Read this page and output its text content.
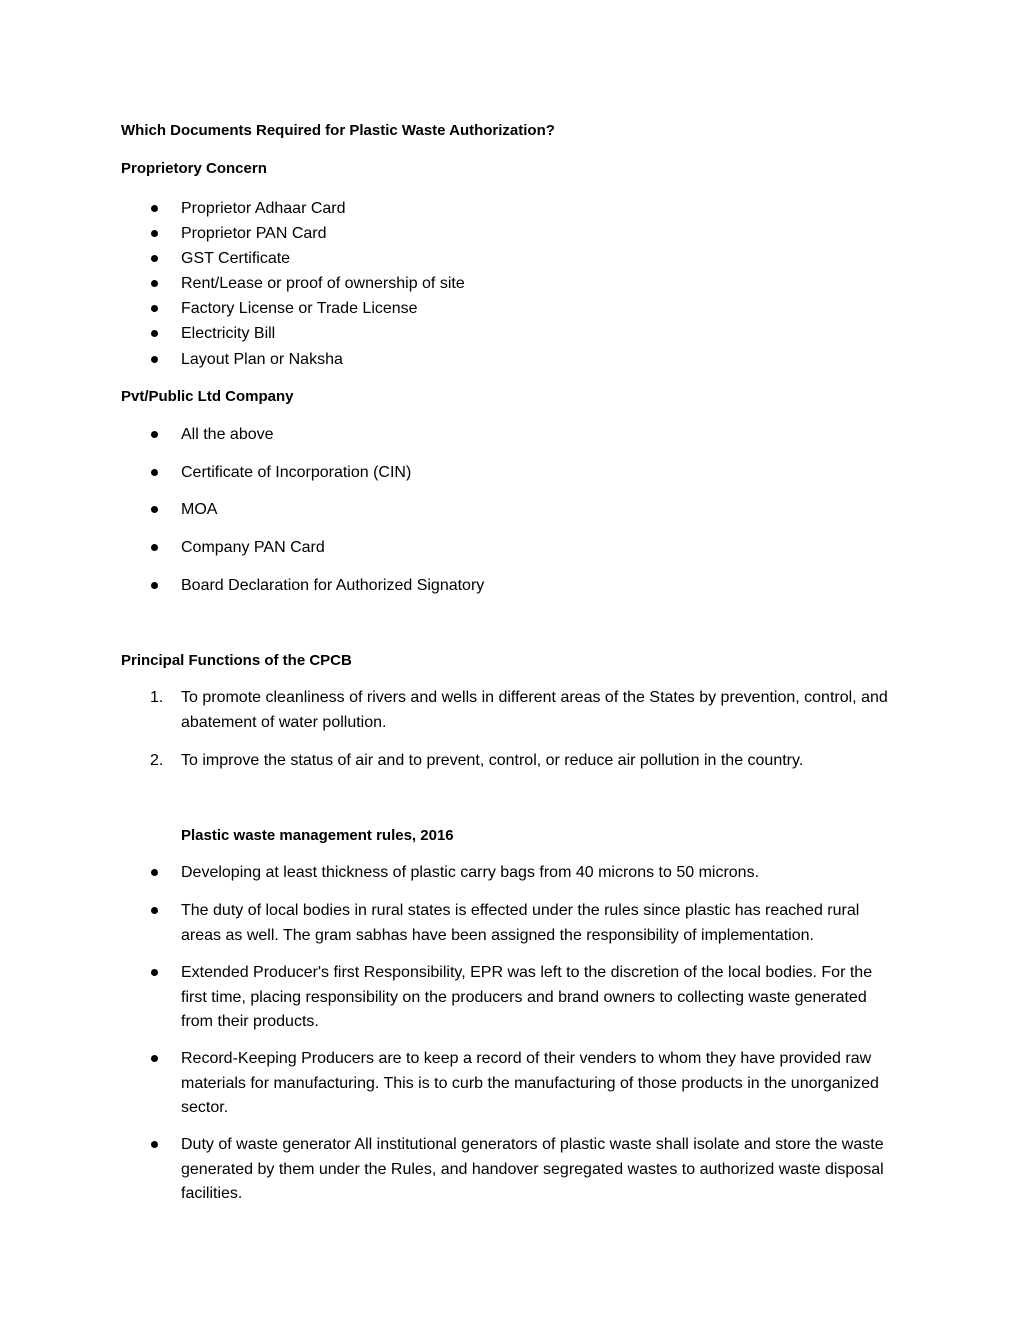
Which Documents Required for Plastic Waste Authorization?

Proprietory Concern

Proprietor Adhaar Card

Proprietor PAN Card

GST Certificate

Rent/Lease or proof of ownership of site

Factory License or Trade License

Electricity Bill

Layout Plan or Naksha

Pvt/Public Ltd Company

All the above

Certificate of Incorporation (CIN)

MOA

Company PAN Card

Board Declaration for Authorized Signatory

Principal Functions of the CPCB

1. To promote cleanliness of rivers and wells in different areas of the States by prevention, control, and abatement of water pollution.

2. To improve the status of air and to prevent, control, or reduce air pollution in the country.

Plastic waste management rules, 2016

Developing at least thickness of plastic carry bags from 40 microns to 50 microns.

The duty of local bodies in rural states is effected under the rules since plastic has reached rural areas as well. The gram sabhas have been assigned the responsibility of implementation.

Extended Producer's first Responsibility, EPR was left to the discretion of the local bodies. For the first time, placing responsibility on the producers and brand owners to collecting waste generated from their products.

Record-Keeping Producers are to keep a record of their venders to whom they have provided raw materials for manufacturing. This is to curb the manufacturing of those products in the unorganized sector.

Duty of waste generator All institutional generators of plastic waste shall isolate and store the waste generated by them under the Rules, and handover segregated wastes to authorized waste disposal facilities.
